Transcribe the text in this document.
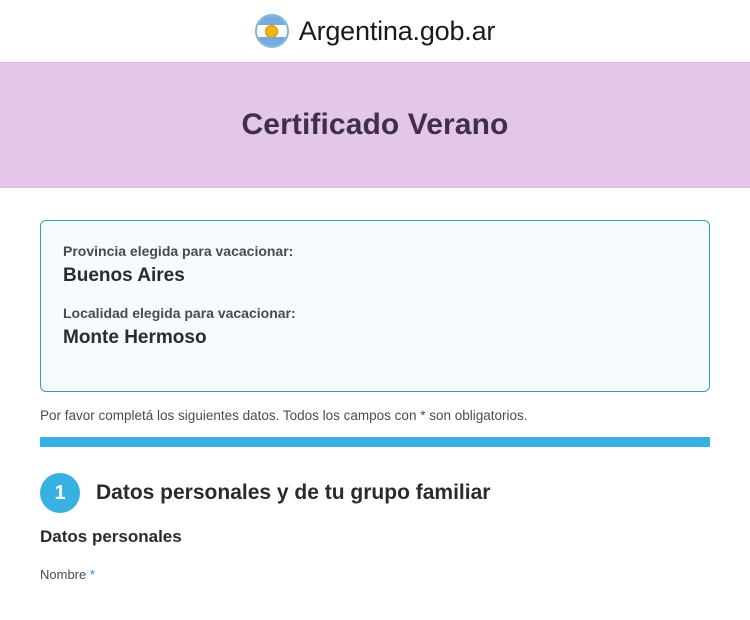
Argentina.gob.ar
Certificado Verano
Provincia elegida para vacacionar:
Buenos Aires
Localidad elegida para vacacionar:
Monte Hermoso

Por favor completá los siguientes datos. Todos los campos con * son obligatorios.

1	Datos personales y de tu grupo familiar
Datos personales
Nombre *
